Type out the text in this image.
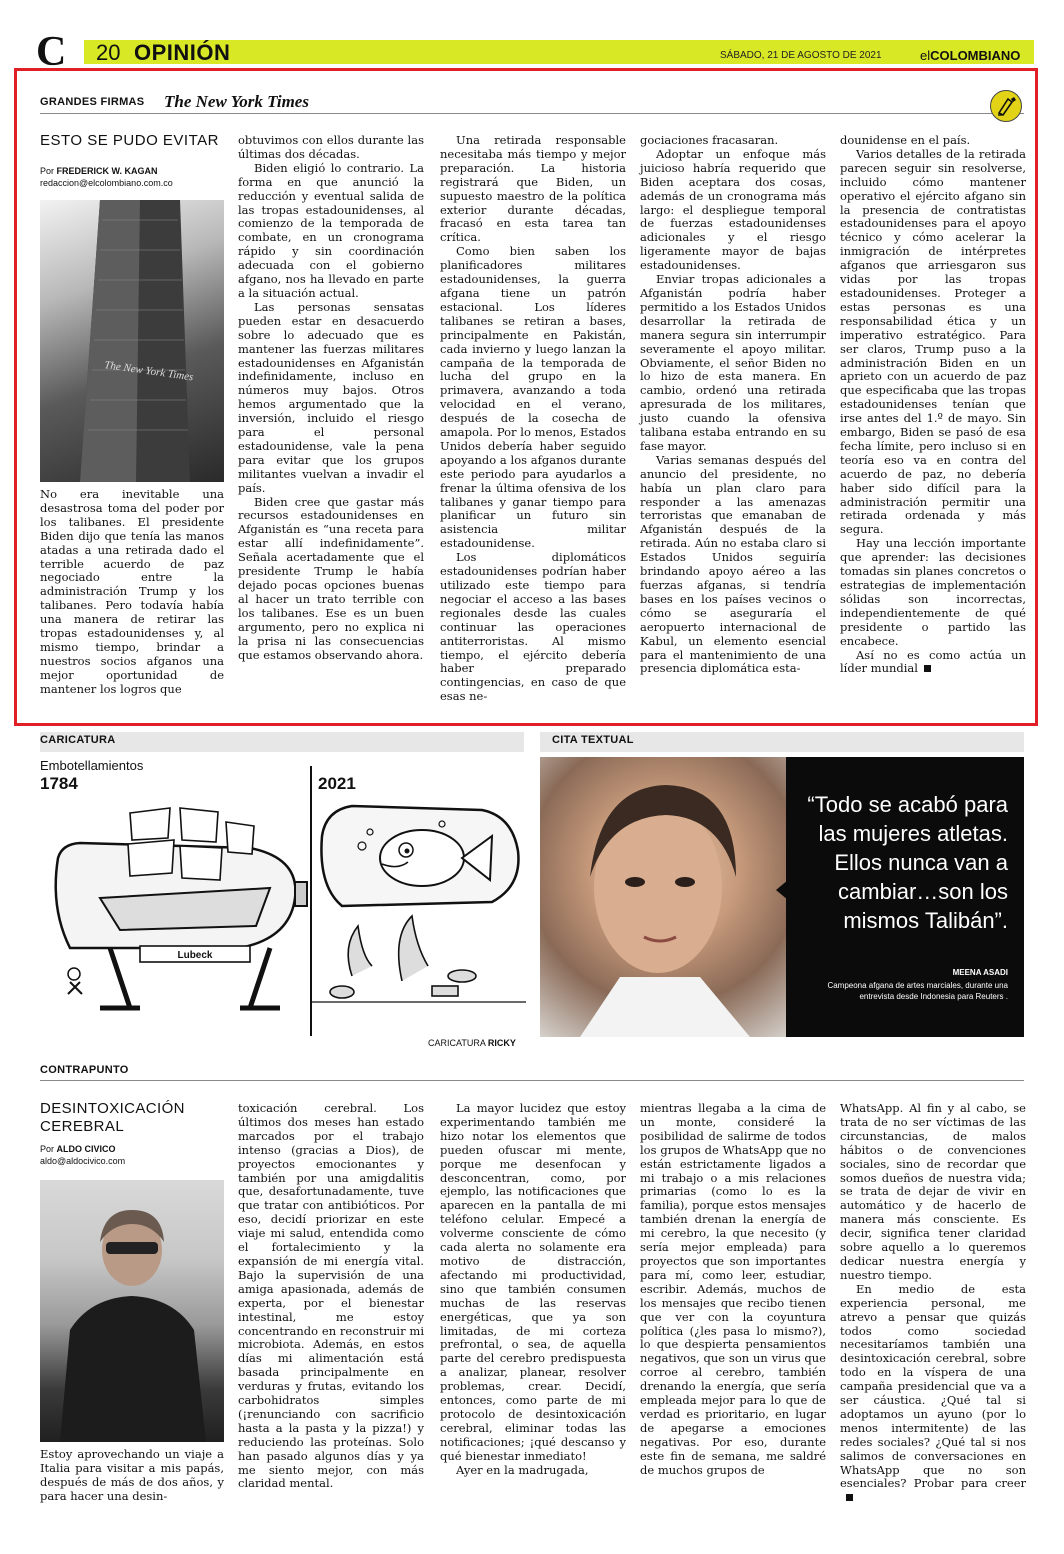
C 20 OPINIÓN	SÁBADO, 21 DE AGOSTO DE 2021	elCOLOMBIANO
GRANDES FIRMAS The New York Times
ESTO SE PUDO EVITAR
Por FREDERICK W. KAGAN
redaccion@elcolombiano.com.co
The New York Times

No era inevitable una desastrosa toma del poder por los talibanes. El presidente Biden dijo que tenía las manos atadas a una retirada dado el terrible acuerdo de paz negociado entre la administración Trump y los talibanes. Pero todavía había una manera de retirar las tropas estadounidenses y, al mismo tiempo, brindar a nuestros socios afganos una mejor oportunidad de mantener los logros que

obtuvimos con ellos durante las últimas dos décadas.

Biden eligió lo contrario. La forma en que anunció la reducción y eventual salida de las tropas estadounidenses, al comienzo de la temporada de combate, en un cronograma rápido y sin coordinación adecuada con el gobierno afgano, nos ha llevado en parte a la situación actual.

Las personas sensatas pueden estar en desacuerdo sobre lo adecuado que es mantener las fuerzas militares estadounidenses en Afganistán indefinidamente, incluso en números muy bajos. Otros hemos argumentado que la inversión, incluido el riesgo para el personal estadounidense, vale la pena para evitar que los grupos militantes vuelvan a invadir el país.

Biden cree que gastar más recursos estadounidenses en Afganistán es “una receta para estar allí indefinidamente”. Señala acertadamente que el presidente Trump le había dejado pocas opciones buenas al hacer un trato terrible con los talibanes. Ese es un buen argumento, pero no explica ni la prisa ni las consecuencias que estamos observando ahora.

Una retirada responsable necesitaba más tiempo y mejor preparación. La historia registrará que Biden, un supuesto maestro de la política exterior durante décadas, fracasó en esta tarea tan crítica.

Como bien saben los planificadores militares estadounidenses, la guerra afgana tiene un patrón estacional. Los líderes talibanes se retiran a bases, principalmente en Pakistán, cada invierno y luego lanzan la campaña de la temporada de lucha del grupo en la primavera, avanzando a toda velocidad en el verano, después de la cosecha de amapola. Por lo menos, Estados Unidos debería haber seguido apoyando a los afganos durante este periodo para ayudarlos a frenar la última ofensiva de los talibanes y ganar tiempo para planificar un futuro sin asistencia militar estadounidense.

Los diplomáticos estadounidenses podrían haber utilizado este tiempo para negociar el acceso a las bases regionales desde las cuales continuar las operaciones antiterroristas. Al mismo tiempo, el ejército debería haber preparado contingencias, en caso de que esas ne-

gociaciones fracasaran.

Adoptar un enfoque más juicioso habría requerido que Biden aceptara dos cosas, además de un cronograma más largo: el despliegue temporal de fuerzas estadounidenses adicionales y el riesgo ligeramente mayor de bajas estadounidenses.

Enviar tropas adicionales a Afganistán podría haber permitido a los Estados Unidos desarrollar la retirada de manera segura sin interrumpir severamente el apoyo militar. Obviamente, el señor Biden no lo hizo de esta manera. En cambio, ordenó una retirada apresurada de los militares, justo cuando la ofensiva talibana estaba entrando en su fase mayor.

Varias semanas después del anuncio del presidente, no había un plan claro para responder a las amenazas terroristas que emanaban de Afganistán después de la retirada. Aún no estaba claro si Estados Unidos seguiría brindando apoyo aéreo a las fuerzas afganas, si tendría bases en los países vecinos o cómo se aseguraría el aeropuerto internacional de Kabul, un elemento esencial para el mantenimiento de una presencia diplomática esta-

dounidense en el país.

Varios detalles de la retirada parecen seguir sin resolverse, incluido cómo mantener operativo el ejército afgano sin la presencia de contratistas estadounidenses para el apoyo técnico y cómo acelerar la inmigración de intérpretes afganos que arriesgaron sus vidas por las tropas estadounidenses. Proteger a estas personas es una responsabilidad ética y un imperativo estratégico. Para ser claros, Trump puso a la administración Biden en un aprieto con un acuerdo de paz que especificaba que las tropas estadounidenses tenían que irse antes del 1.º de mayo. Sin embargo, Biden se pasó de esa fecha límite, pero incluso si en teoría eso va en contra del acuerdo de paz, no debería haber sido difícil para la administración permitir una retirada ordenada y más segura.

Hay una lección importante que aprender: las decisiones tomadas sin planes concretos o estrategias de implementación sólidas son incorrectas, independientemente de qué presidente o partido las encabece.

Así no es como actúa un líder mundial

CARICATURA
Embotellamientos
1784
Lubeck
2021
CARICATURA RICKY
CITA TEXTUAL
“Todo se acabó para las mujeres atletas. Ellos nunca van a cambiar…son los mismos Talibán”.
MEENA ASADI
Campeona afgana de artes marciales, durante una entrevista desde Indonesia para Reuters .
CONTRAPUNTO
DESINTOXICACIÓN
CEREBRAL
Por ALDO CIVICO
aldo@aldocivico.com

Estoy aprovechando un viaje a Italia para visitar a mis papás, después de más de dos años, y para hacer una desin-

toxicación cerebral. Los últimos dos meses han estado marcados por el trabajo intenso (gracias a Dios), de proyectos emocionantes y también por una amigdalitis que, desafortunadamente, tuve que tratar con antibióticos. Por eso, decidí priorizar en este viaje mi salud, entendida como el fortalecimiento y la expansión de mi energía vital. Bajo la supervisión de una amiga apasionada, además de experta, por el bienestar intestinal, me estoy concentrando en reconstruir mi microbiota. Además, en estos días mi alimentación está basada principalmente en verduras y frutas, evitando los carbohidratos simples (¡renunciando con sacrificio hasta a la pasta y la pizza!) y reduciendo las proteínas. Solo han pasado algunos días y ya me siento mejor, con más claridad mental.

La mayor lucidez que estoy experimentando también me hizo notar los elementos que pueden ofuscar mi mente, porque me desenfocan y desconcentran, como, por ejemplo, las notificaciones que aparecen en la pantalla de mi teléfono celular. Empecé a volverme consciente de cómo cada alerta no solamente era motivo de distracción, afectando mi productividad, sino que también consumen muchas de las reservas energéticas, que ya son limitadas, de mi corteza prefrontal, o sea, de aquella parte del cerebro predispuesta a analizar, planear, resolver problemas, crear. Decidí, entonces, como parte de mi protocolo de desintoxicación cerebral, eliminar todas las notificaciones; ¡qué descanso y qué bienestar inmediato!

Ayer en la madrugada,

mientras llegaba a la cima de un monte, consideré la posibilidad de salirme de todos los grupos de WhatsApp que no están estrictamente ligados a mi trabajo o a mis relaciones primarias (como lo es la familia), porque estos mensajes también drenan la energía de mi cerebro, la que necesito (y sería mejor empleada) para proyectos que son importantes para mí, como leer, estudiar, escribir. Además, muchos de los mensajes que recibo tienen que ver con la coyuntura política (¿les pasa lo mismo?), lo que despierta pensamientos negativos, que son un virus que corroe al cerebro, también drenando la energía, que sería empleada mejor para lo que de verdad es prioritario, en lugar de apegarse a emociones negativas. Por eso, durante este fin de semana, me saldré de muchos grupos de

WhatsApp. Al fin y al cabo, se trata de no ser víctimas de las circunstancias, de malos hábitos o de convenciones sociales, sino de recordar que somos dueños de nuestra vida; se trata de dejar de vivir en automático y de hacerlo de manera más consciente. Es decir, significa tener claridad sobre aquello a lo queremos dedicar nuestra energía y nuestro tiempo.

En medio de esta experiencia personal, me atrevo a pensar que quizás todos como sociedad necesitaríamos también una desintoxicación cerebral, sobre todo en la víspera de una campaña presidencial que va a ser cáustica. ¿Qué tal si adoptamos un ayuno (por lo menos intermitente) de las redes sociales? ¿Qué tal si nos salimos de conversaciones en WhatsApp que no son esenciales? Probar para creer
